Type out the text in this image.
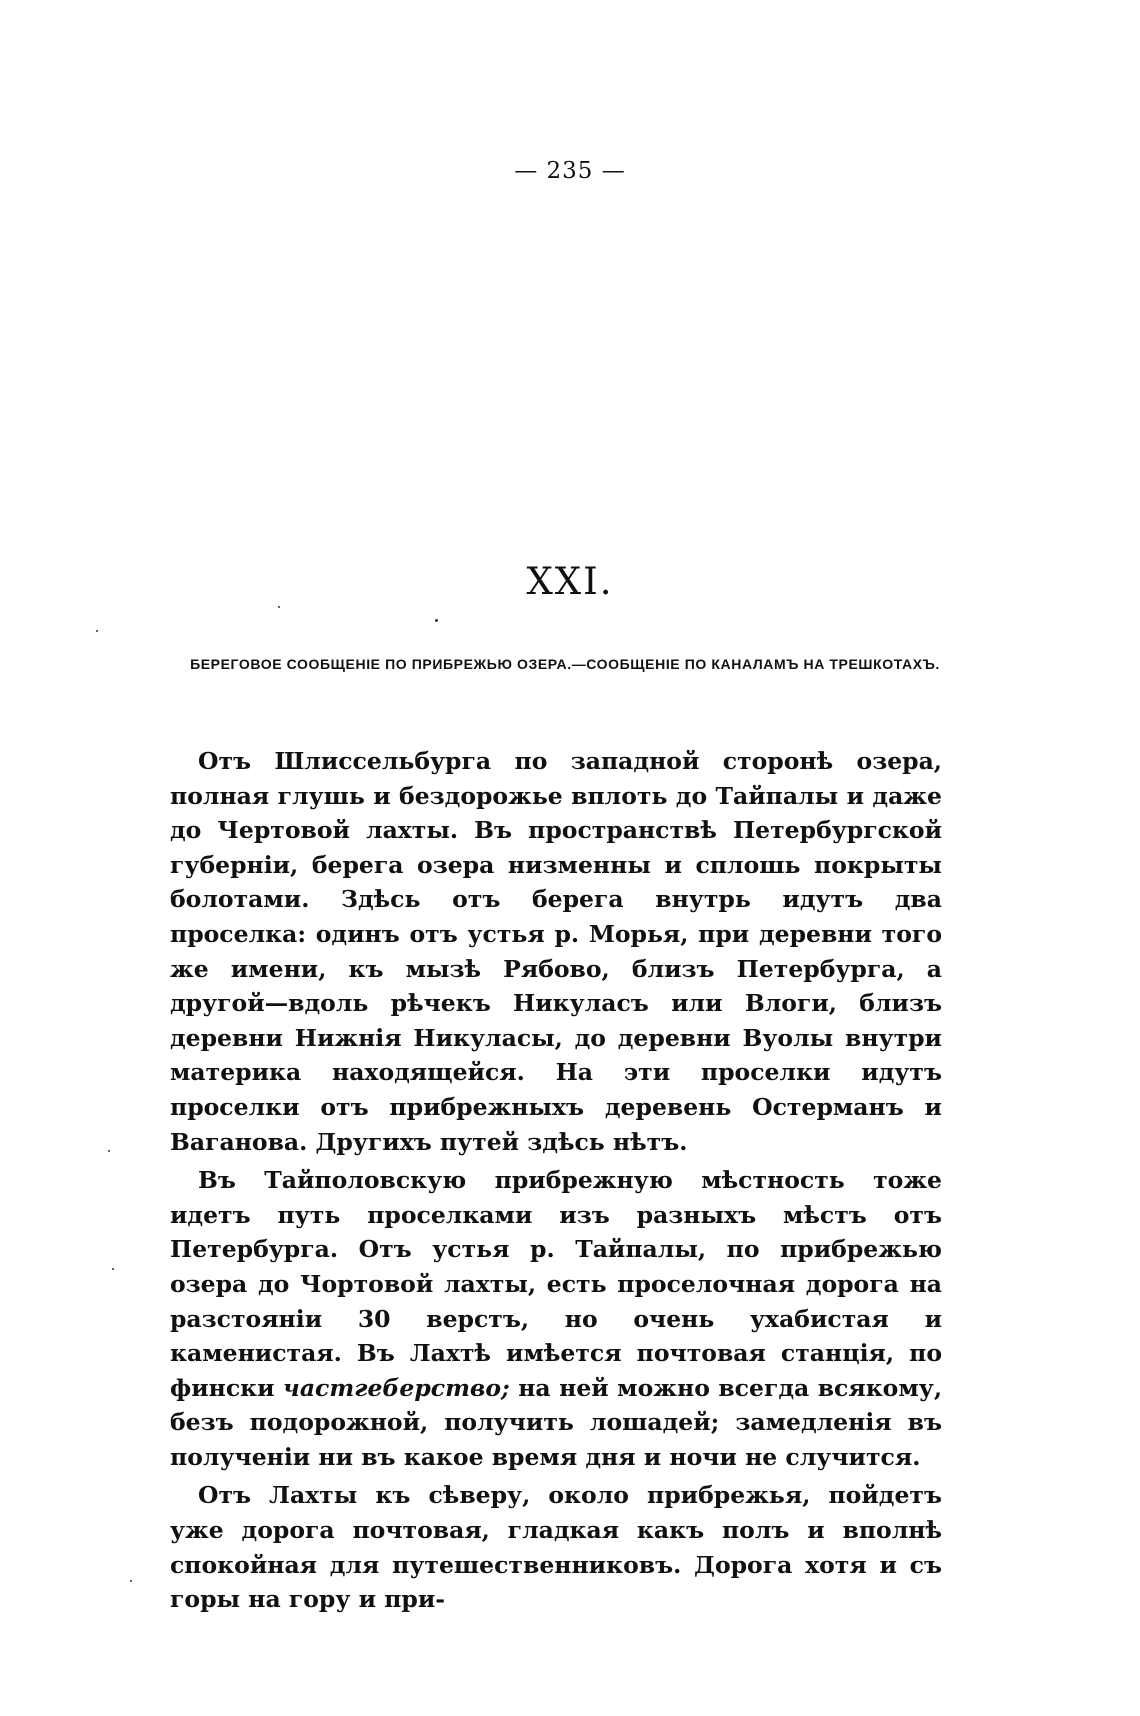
— 235 —
XXI.
БЕРЕГОВОЕ СООБЩЕНІЕ ПО ПРИБРЕЖЬЮ ОЗЕРА.—СООБЩЕНІЕ ПО КАНАЛАМЪ НА ТРЕШКОТАХЪ.

Отъ Шлиссельбурга по западной сторонѣ озера, полная глушь и бездорожье вплоть до Тайпалы и даже до Чертовой лахты. Въ пространствѣ Петербургской губерніи, берега озера низменны и сплошь покрыты болотами. Здѣсь отъ берега внутрь идутъ два проселка: одинъ отъ устья р. Морья, при деревни того же имени, къ мызѣ Рябово, близъ Петербурга, а другой—вдоль рѣчекъ Никуласъ или Влоги, близъ деревни Нижнія Никуласы, до деревни Вуолы внутри материка находящейся. На эти проселки идутъ проселки отъ прибрежныхъ деревень Остерманъ и Ваганова. Другихъ путей здѣсь нѣтъ.

Въ Тайполовскую прибрежную мѣстность тоже идетъ путь проселками изъ разныхъ мѣстъ отъ Петербурга. Отъ устья р. Тайпалы, по прибрежью озера до Чортовой лахты, есть проселочная дорога на разстояніи 30 верстъ, но очень ухабистая и каменистая. Въ Лахтѣ имѣется почтовая станція, по фински частгеберство; на ней можно всегда всякому, безъ подорожной, получить лошадей; замедленія въ полученіи ни въ какое время дня и ночи не случится.

Отъ Лахты къ сѣверу, около прибрежья, пойдетъ уже дорога почтовая, гладкая какъ полъ и вполнѣ спокойная для путешественниковъ. Дорога хотя и съ горы на гору и при-
